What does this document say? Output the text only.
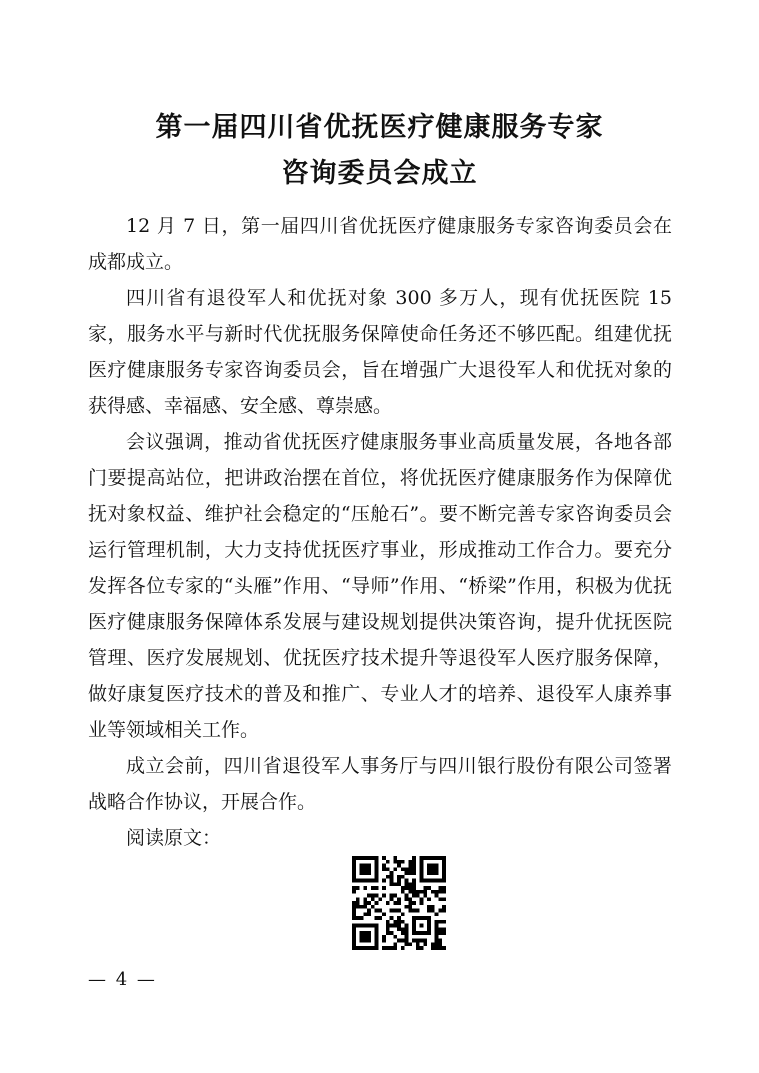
第一届四川省优抚医疗健康服务专家
咨询委员会成立

12 月 7 日，第一届四川省优抚医疗健康服务专家咨询委员会在成都成立。

四川省有退役军人和优抚对象 300 多万人，现有优抚医院 15 家，服务水平与新时代优抚服务保障使命任务还不够匹配。组建优抚医疗健康服务专家咨询委员会，旨在增强广大退役军人和优抚对象的获得感、幸福感、安全感、尊崇感。

会议强调，推动省优抚医疗健康服务事业高质量发展，各地各部门要提高站位，把讲政治摆在首位，将优抚医疗健康服务作为保障优抚对象权益、维护社会稳定的“压舱石”。要不断完善专家咨询委员会运行管理机制，大力支持优抚医疗事业，形成推动工作合力。要充分发挥各位专家的“头雁”作用、“导师”作用、“桥梁”作用，积极为优抚医疗健康服务保障体系发展与建设规划提供决策咨询，提升优抚医院管理、医疗发展规划、优抚医疗技术提升等退役军人医疗服务保障，做好康复医疗技术的普及和推广、专业人才的培养、退役军人康养事业等领域相关工作。

成立会前，四川省退役军人事务厅与四川银行股份有限公司签署战略合作协议，开展合作。

阅读原文：

— 4 —
